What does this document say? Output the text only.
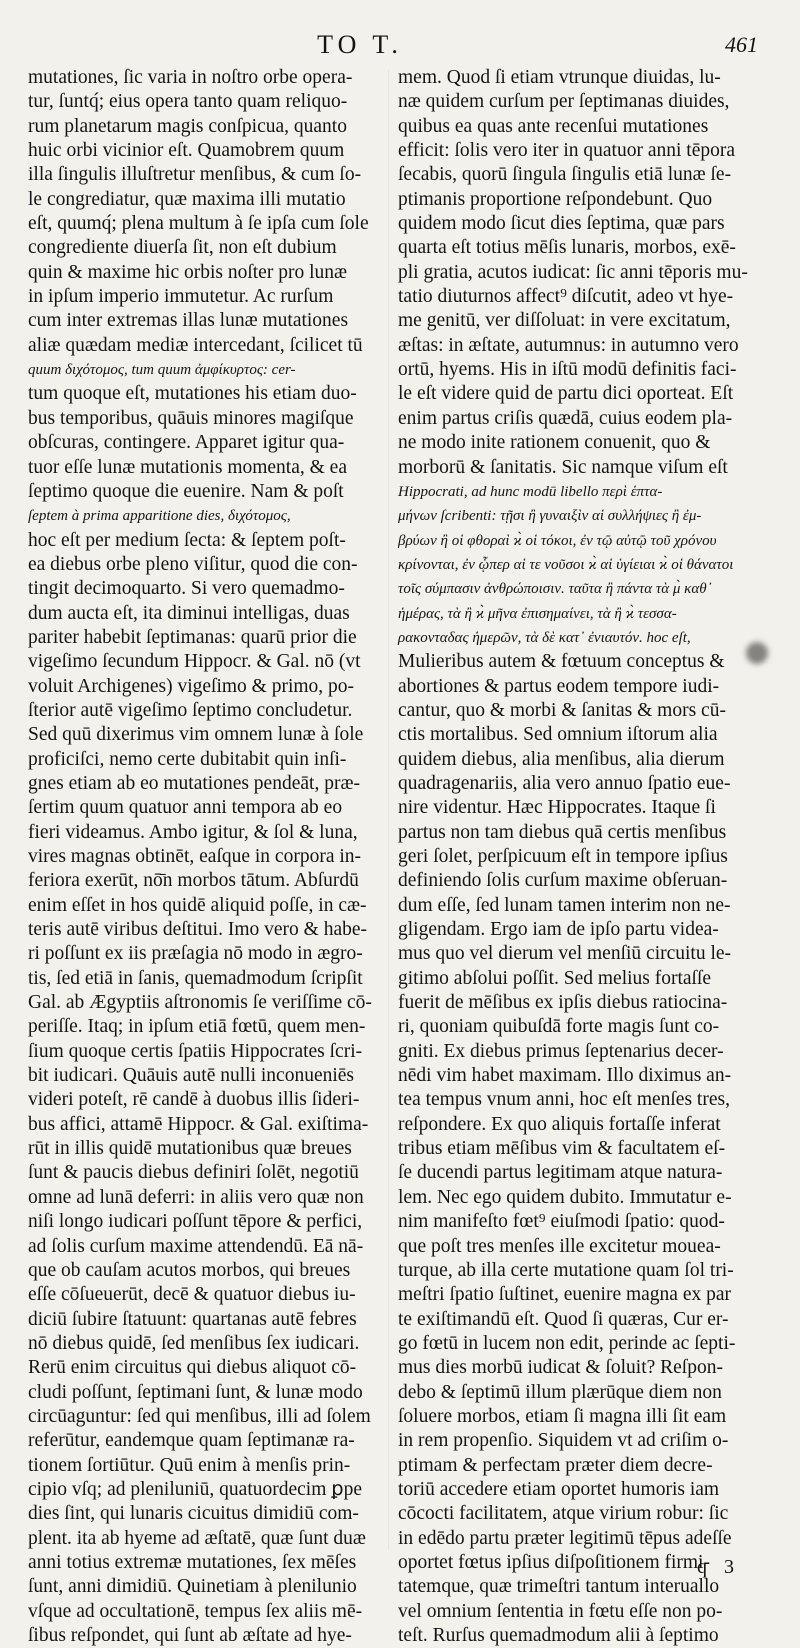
TO T.	461
mutationes, ſic varia in noſtro orbe opera-
tur, ſuntq́; eius opera tanto quam reliquo-
rum planetarum magis conſpicua, quanto
huic orbi vicinior eſt. Quamobrem quum
illa ſingulis illuſtretur menſibus, & cum ſo-
le congrediatur, quæ maxima illi mutatio
eſt, quumq́; plena multum à ſe ipſa cum ſole
congrediente diuerſa ſit, non eſt dubium
quin & maxime hic orbis noſter pro lunæ
in ipſum imperio immutetur. Ac rurſum
cum inter extremas illas lunæ mutationes
aliæ quædam mediæ intercedant, ſcilicet tū
quum διχότομος, tum quum ἀμφίκυρτος: cer-
tum quoque eſt, mutationes his etiam duo-
bus temporibus, quāuis minores magiſque
obſcuras, contingere. Apparet igitur qua-
tuor eſſe lunæ mutationis momenta, & ea
ſeptimo quoque die euenire. Nam & poſt
ſeptem à prima apparitione dies, διχότομος,
hoc eſt per medium ſecta: & ſeptem poſt-
ea diebus orbe pleno viſitur, quod die con-
tingit decimoquarto. Si vero quemadmo-
dum aucta eſt, ita diminui intelligas, duas
pariter habebit ſeptimanas: quarū prior die
vigeſimo ſecundum Hippocr. & Gal. nō (vt
voluit Archigenes) vigeſimo & primo, po-
ſterior autē vigeſimo ſeptimo concludetur.
Sed quū dixerimus vim omnem lunæ à ſole
proficiſci, nemo certe dubitabit quin inſi-
gnes etiam ab eo mutationes pendeāt, præ-
ſertim quum quatuor anni tempora ab eo
fieri videamus. Ambo igitur, & ſol & luna,
vires magnas obtinēt, eaſque in corpora in-
feriora exerūt, nō̄n morbos tātum. Abſurdū
enim eſſet in hos quidē aliquid poſſe, in cæ-
teris autē viribus deſtitui. Imo vero & habe-
ri poſſunt ex iis præſagia nō modo in ægro-
tis, ſed etiā in ſanis, quemadmodum ſcripſit
Gal. ab Ægyptiis aſtronomis ſe veriſſime cō-
periſſe. Itaq; in ipſum etiā fœtū, quem men-
ſium quoque certis ſpatiis Hippocrates ſcri-
bit iudicari. Quāuis autē nulli inconueniēs
videri poteſt, rē candē à duobus illis ſideri-
bus affici, attamē Hippocr. & Gal. exiſtima-
rūt in illis quidē mutationibus quæ breues
ſunt & paucis diebus definiri ſolēt, negotiū
omne ad lunā deferri: in aliis vero quæ non
niſi longo iudicari poſſunt tēpore & perfici,
ad ſolis curſum maxime attendendū. Eā nā-
que ob cauſam acutos morbos, qui breues
eſſe cōſueuerūt, decē & quatuor diebus iu-
diciū ſubire ſtatuunt: quartanas autē febres
nō diebus quidē, ſed menſibus ſex iudicari.
Rerū enim circuitus qui diebus aliquot cō-
cludi poſſunt, ſeptimani ſunt, & lunæ modo
circūaguntur: ſed qui menſibus, illi ad ſolem
referūtur, eandemque quam ſeptimanæ ra-
tionem ſortiūtur. Quū enim à menſis prin-
cipio vſq; ad pleniluniū, quatuordecim ꝑpe
dies ſint, qui lunaris cicuitus dimidiū com-
plent. ita ab hyeme ad æſtatē, quæ ſunt duæ
anni totius extremæ mutationes, ſex mēſes
ſunt, anni dimidiū. Quinetiam à plenilunio
vſque ad occultationē, tempus ſex aliis mē-
ſibus reſpondet, qui ſunt ab æſtate ad hye-
mem. Quod ſi etiam vtrunque diuidas, lu-
næ quidem curſum per ſeptimanas diuides,
quibus ea quas ante recenſui mutationes
efficit: ſolis vero iter in quatuor anni tēpora
ſecabis, quorū ſingula ſingulis etiā lunæ ſe-
ptimanis proportione reſpondebunt. Quo
quidem modo ſicut dies ſeptima, quæ pars
quarta eſt totius mēſis lunaris, morbos, exē-
pli gratia, acutos iudicat: ſic anni tēporis mu-
tatio diuturnos affect⁹ diſcutit, adeo vt hye-
me genitū, ver diſſoluat: in vere excitatum,
æſtas: in æſtate, autumnus: in autumno vero
ortū, hyems. His in iſtū modū definitis faci-
le eſt videre quid de partu dici oporteat. Eſt
enim partus criſis quædā, cuius eodem pla-
ne modo inite rationem conuenit, quo &
morborū & ſanitatis. Sic namque viſum eſt
Hippocrati, ad hunc modū libello περὶ ἑπτα-
μήνων ſcribenti: τῇσι ἢ γυναιξὶν αἱ συλλήψιες ἢ ἐμ-
βρύων ἢ οἱ φθοραὶ ϰ̀ οἱ τόκοι, ἐν τῷ αὐτῷ τοῦ χρόνου
κρίνονται, ἐν ᾧπερ αἱ τε νοῦσοι ϰ̀ αἱ ὑγίειαι ϰ̀ οἱ θάνατοι
τοῖς σύμπασιν ἀνθρώποισιν. ταῦτα ἢ πάντα τὰ μ̀ καθ᾽
ἡμέρας, τὰ ἢ ϰ̀ μῆνα ἐπισημαίνει, τὰ ἢ ϰ̀ τεσσα-
ρακονταδας ἡμερῶν, τὰ δὲ κατ᾽ ἐνιαυτόν. hoc eſt,
Mulieribus autem & fœtuum conceptus &
abortiones & partus eodem tempore iudi-
cantur, quo & morbi & ſanitas & mors cū-
ctis mortalibus. Sed omnium iſtorum alia
quidem diebus, alia menſibus, alia dierum
quadragenariis, alia vero annuo ſpatio eue-
nire videntur. Hæc Hippocrates. Itaque ſi
partus non tam diebus quā certis menſibus
geri ſolet, perſpicuum eſt in tempore ipſius
definiendo ſolis curſum maxime obſeruan-
dum eſſe, ſed lunam tamen interim non ne-
gligendam. Ergo iam de ipſo partu videa-
mus quo vel dierum vel menſiū circuitu le-
gitimo abſolui poſſit. Sed melius fortaſſe
fuerit de mēſibus ex ipſis diebus ratiocina-
ri, quoniam quibuſdā forte magis ſunt co-
gniti. Ex diebus primus ſeptenarius decer-
nēdi vim habet maximam. Illo diximus an-
tea tempus vnum anni, hoc eſt menſes tres,
reſpondere. Ex quo aliquis fortaſſe inferat
tribus etiam mēſibus vim & facultatem eſ-
ſe ducendi partus legitimam atque natura-
lem. Nec ego quidem dubito. Immutatur e-
nim manifeſto fœt⁹ eiuſmodi ſpatio: quod-
que poſt tres menſes ille excitetur mouea-
turque, ab illa certe mutatione quam ſol tri-
meſtri ſpatio ſuſtinet, euenire magna ex par
te exiſtimandū eſt. Quod ſi quæras, Cur er-
go fœtū in lucem non edit, perinde ac ſepti-
mus dies morbū iudicat & ſoluit? Reſpon-
debo & ſeptimū illum plærūque diem non
ſoluere morbos, etiam ſi magna illi ſit eam
in rem propenſio. Siquidem vt ad criſim o-
ptimam & perfectam præter diem decre-
toriū accedere etiam oportet humoris iam
cōcocti facilitatem, atque virium robur: ſic
in edēdo partu præter legitimū tēpus adeſſe
oportet fœtus ipſius diſpoſitionem firmi-
tatemque, quæ trimeſtri tantum interuallo
vel omnium ſententia in fœtu eſſe non po-
teſt. Rurſus quemadmodum alii à ſeptimo
q 3
